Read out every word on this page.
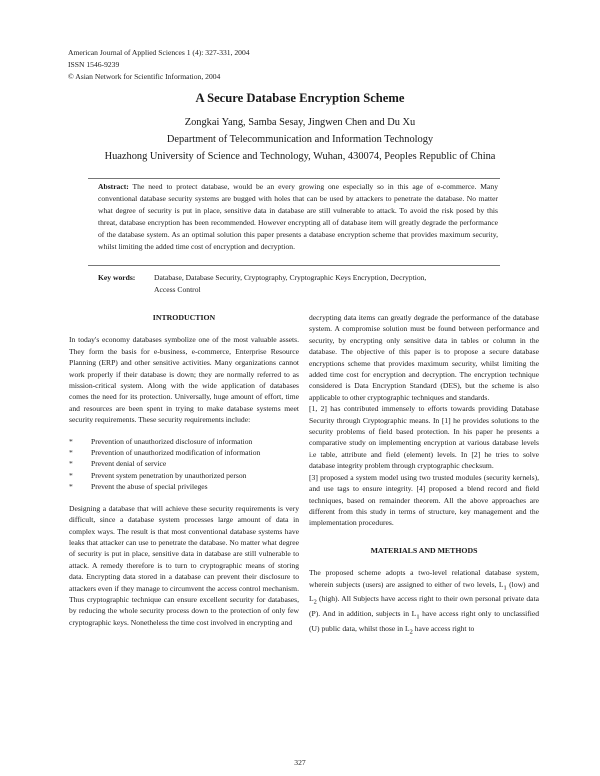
American Journal of Applied Sciences 1 (4): 327-331, 2004
ISSN 1546-9239
© Asian Network for Scientific Information, 2004
A Secure Database Encryption Scheme
Zongkai Yang, Samba Sesay, Jingwen Chen and Du Xu
Department of Telecommunication and Information Technology
Huazhong University of Science and Technology, Wuhan, 430074, Peoples Republic of China
Abstract: The need to protect database, would be an every growing one especially so in this age of e-commerce. Many conventional database security systems are bugged with holes that can be used by attackers to penetrate the database. No matter what degree of security is put in place, sensitive data in database are still vulnerable to attack. To avoid the risk posed by this threat, database encryption has been recommended. However encrypting all of database item will greatly degrade the performance of the database system. As an optimal solution this paper presents a database encryption scheme that provides maximum security, whilst limiting the added time cost of encryption and decryption.
Key words: Database, Database Security, Cryptography, Cryptographic Keys Encryption, Decryption,
Access Control
INTRODUCTION

In today's economy databases symbolize one of the most valuable assets. They form the basis for e-business, e-commerce, Enterprise Resource Planning (ERP) and other sensitive activities. Many organizations cannot work properly if their database is down; they are normally referred to as mission-critical system. Along with the wide application of databases comes the need for its protection. Universally, huge amount of effort, time and resources are been spent in trying to make database systems meet security requirements. These security requirements include:

*	Prevention of unauthorized disclosure of information
*	Prevention of unauthorized modification of information
*	Prevent denial of service
*	Prevent system penetration by unauthorized person
*	Prevent the abuse of special privileges

Designing a database that will achieve these security requirements is very difficult, since a database system processes large amount of data in complex ways. The result is that most conventional database systems have leaks that attacker can use to penetrate the database. No matter what degree of security is put in place, sensitive data in database are still vulnerable to attack. A remedy therefore is to turn to cryptographic means of storing data. Encrypting data stored in a database can prevent their disclosure to attackers even if they manage to circumvent the access control mechanism. Thus cryptographic technique can ensure excellent security for databases, by reducing the whole security process down to the protection of only few cryptographic keys. Nonetheless the time cost involved in encrypting and

decrypting data items can greatly degrade the performance of the database system. A compromise solution must be found between performance and security, by encrypting only sensitive data in tables or column in the database. The objective of this paper is to propose a secure database encryptions scheme that provides maximum security, whilst limiting the added time cost for encryption and decryption. The encryption technique considered is Data Encryption Standard (DES), but the scheme is also applicable to other cryptographic techniques and standards.

[1, 2] has contributed immensely to efforts towards providing Database Security through Cryptographic means. In [1] he provides solutions to the security problems of field based protection. In his paper he presents a comparative study on implementing encryption at various database levels i.e table, attribute and field (element) levels. In [2] he tries to solve database integrity problem through cryptographic checksum.

[3] proposed a system model using two trusted modules (security kernels), and use tags to ensure integrity. [4] proposed a blend record and field techniques, based on remainder theorem. All the above approaches are different from this study in terms of structure, key management and the implementation procedures.

MATERIALS AND METHODS

The proposed scheme adopts a two-level relational database system, wherein subjects (users) are assigned to either of two levels, $L_1$ (low) and $L_2$ (high). All Subjects have access right to their own personal private data (P). And in addition, subjects in $L_1$ have access right only to unclassified (U) public data, whilst those in $L_2$ have access right to

327
